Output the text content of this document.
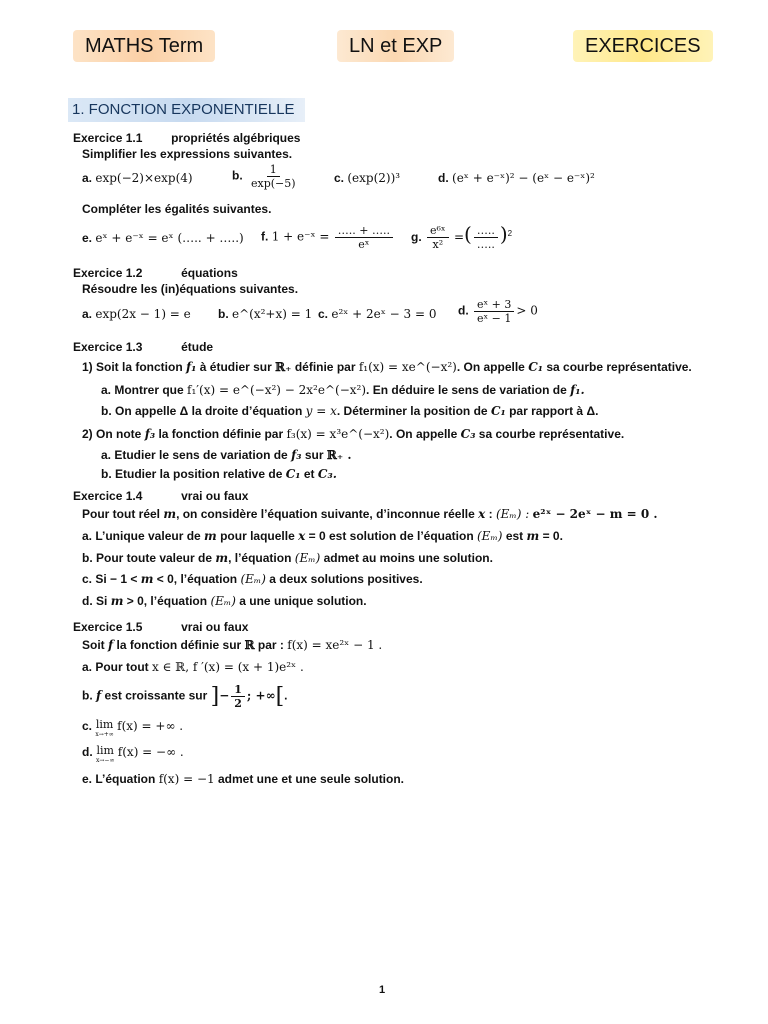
MATHS Term	LN et EXP	EXERCICES
1. FONCTION EXPONENTIELLE
Exercice 1.1 propriétés algébriques
Simplifier les expressions suivantes.
a. exp(−2)×exp(4)	b. $\frac{1}{\exp(-5)}$	c. (exp(2))³	d. (eˣ + e⁻ˣ)² − (eˣ − e⁻ˣ)²
Compléter les égalités suivantes.
e. eˣ + e⁻ˣ = eˣ (….. + …..) f. 1 + e⁻ˣ = $\frac{\dots.. + \dots..}{\text{eˣ}} g$. $\frac{\text{e⁶ˣ}}{\text{x²}}$ =( $\frac{\dots..}{\dots..} )^2$
Exercice 1.2	équations
Résoudre les (in)équations suivantes.
a. exp(2x − 1) = e b. e^(x²+x) = 1 c. e²ˣ + 2eˣ − 3 = 0 d. $\frac{\text{eˣ + 3}}{\text{eˣ − 1}} > 0$
Exercice 1.3	étude
1) Soit la fonction f₁ à étudier sur ℝ₊ définie par f₁(x) = xe^(−x²). On appelle C₁ sa courbe représentative.
a. Montrer que f₁′(x) = e^(−x²) − 2x²e^(−x²). En déduire le sens de variation de f₁.
b. On appelle Δ la droite d’équation y = x. Déterminer la position de C₁ par rapport à Δ.
2) On note f₃ la fonction définie par f₃(x) = x³e^(−x²). On appelle C₃ sa courbe représentative.
a. Etudier le sens de variation de f₃ sur ℝ₊ .
b. Etudier la position relative de C₁ et C₃.
Exercice 1.4	vrai ou faux
Pour tout réel m, on considère l’équation suivante, d’inconnue réelle x : (Eₘ) : e²ˣ − 2eˣ − m = 0 .
a. L’unique valeur de m pour laquelle x = 0 est solution de l’équation (Eₘ) est m = 0.
b. Pour toute valeur de m, l’équation (Eₘ) admet au moins une solution.
c. Si − 1 < m < 0, l’équation (Eₘ) a deux solutions positives.
d. Si m > 0, l’équation (Eₘ) a une unique solution.
Exercice 1.5	vrai ou faux
Soit f la fonction définie sur ℝ par : f(x) = xe²ˣ − 1 .
a. Pour tout x ∈ ℝ, f ′(x) = (x + 1)e²ˣ .
b. f est croissante sur ]− $\frac{1}{2}$ ; +∞[.
c. lim
x→+∞
f(x) = +∞ .
d. lim
x→−∞
f(x) = −∞ .
e. L’équation f(x) = −1 admet une et une seule solution.
1
